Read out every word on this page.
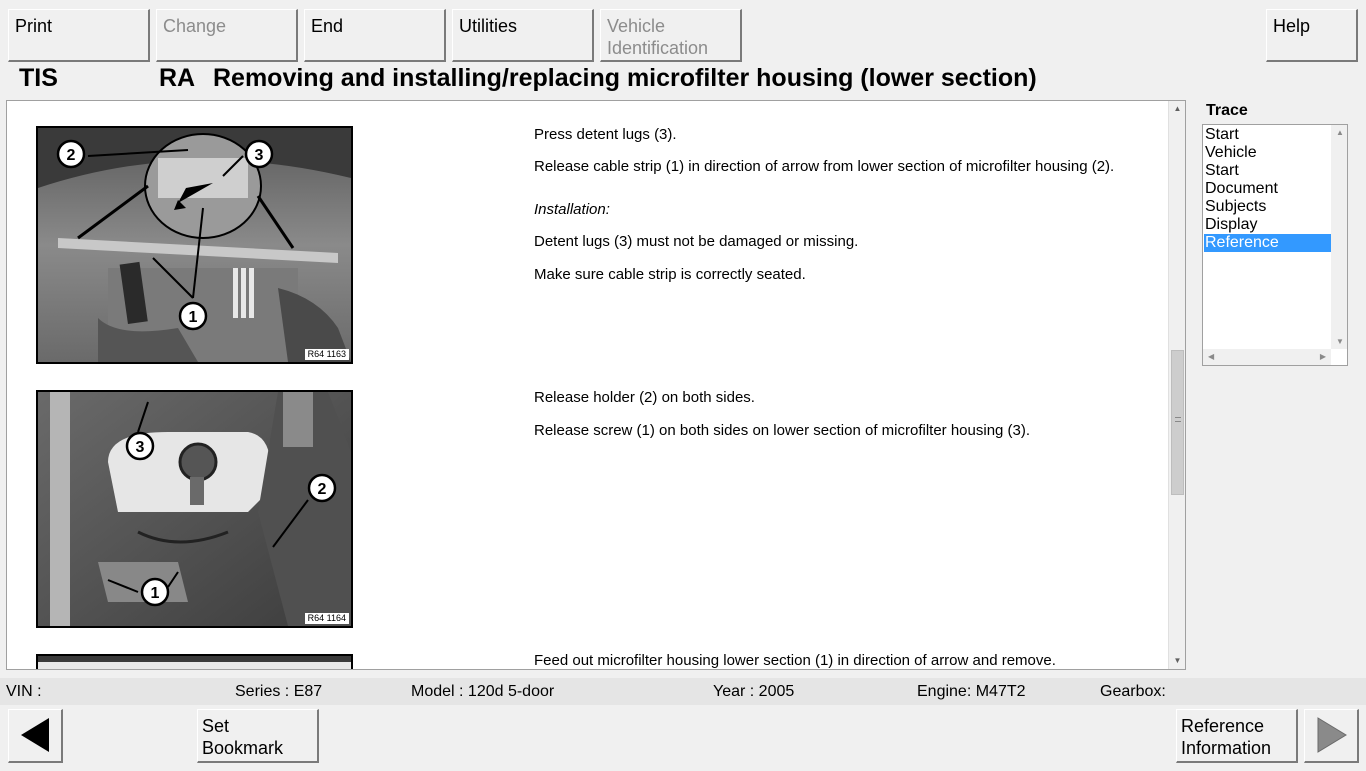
Print	Change	End	Utilities	Vehicle
Identification
Help
TIS	RA Removing and installing/replacing microfilter housing (lower section)
2	3
1
R64 1163
Press detent lugs (3).
Release cable strip (1) in direction of arrow from lower section of microfilter housing (2).
Installation:
Detent lugs (3) must not be damaged or missing.
Make sure cable strip is correctly seated.
3
2
1
R64 1164
Release holder (2) on both sides.
Release screw (1) on both sides on lower section of microfilter housing (3).
Feed out microfilter housing lower section (1) in direction of arrow and remove.
▲
▼
Trace
Start
Vehicle
Start
Document
Subjects
Display
Reference
▲
▼
◀	▶
VIN :	Series : E87	Model : 120d 5-door	Year : 2005	Engine: M47T2	Gearbox:
Set
Bookmark
Reference
Information
